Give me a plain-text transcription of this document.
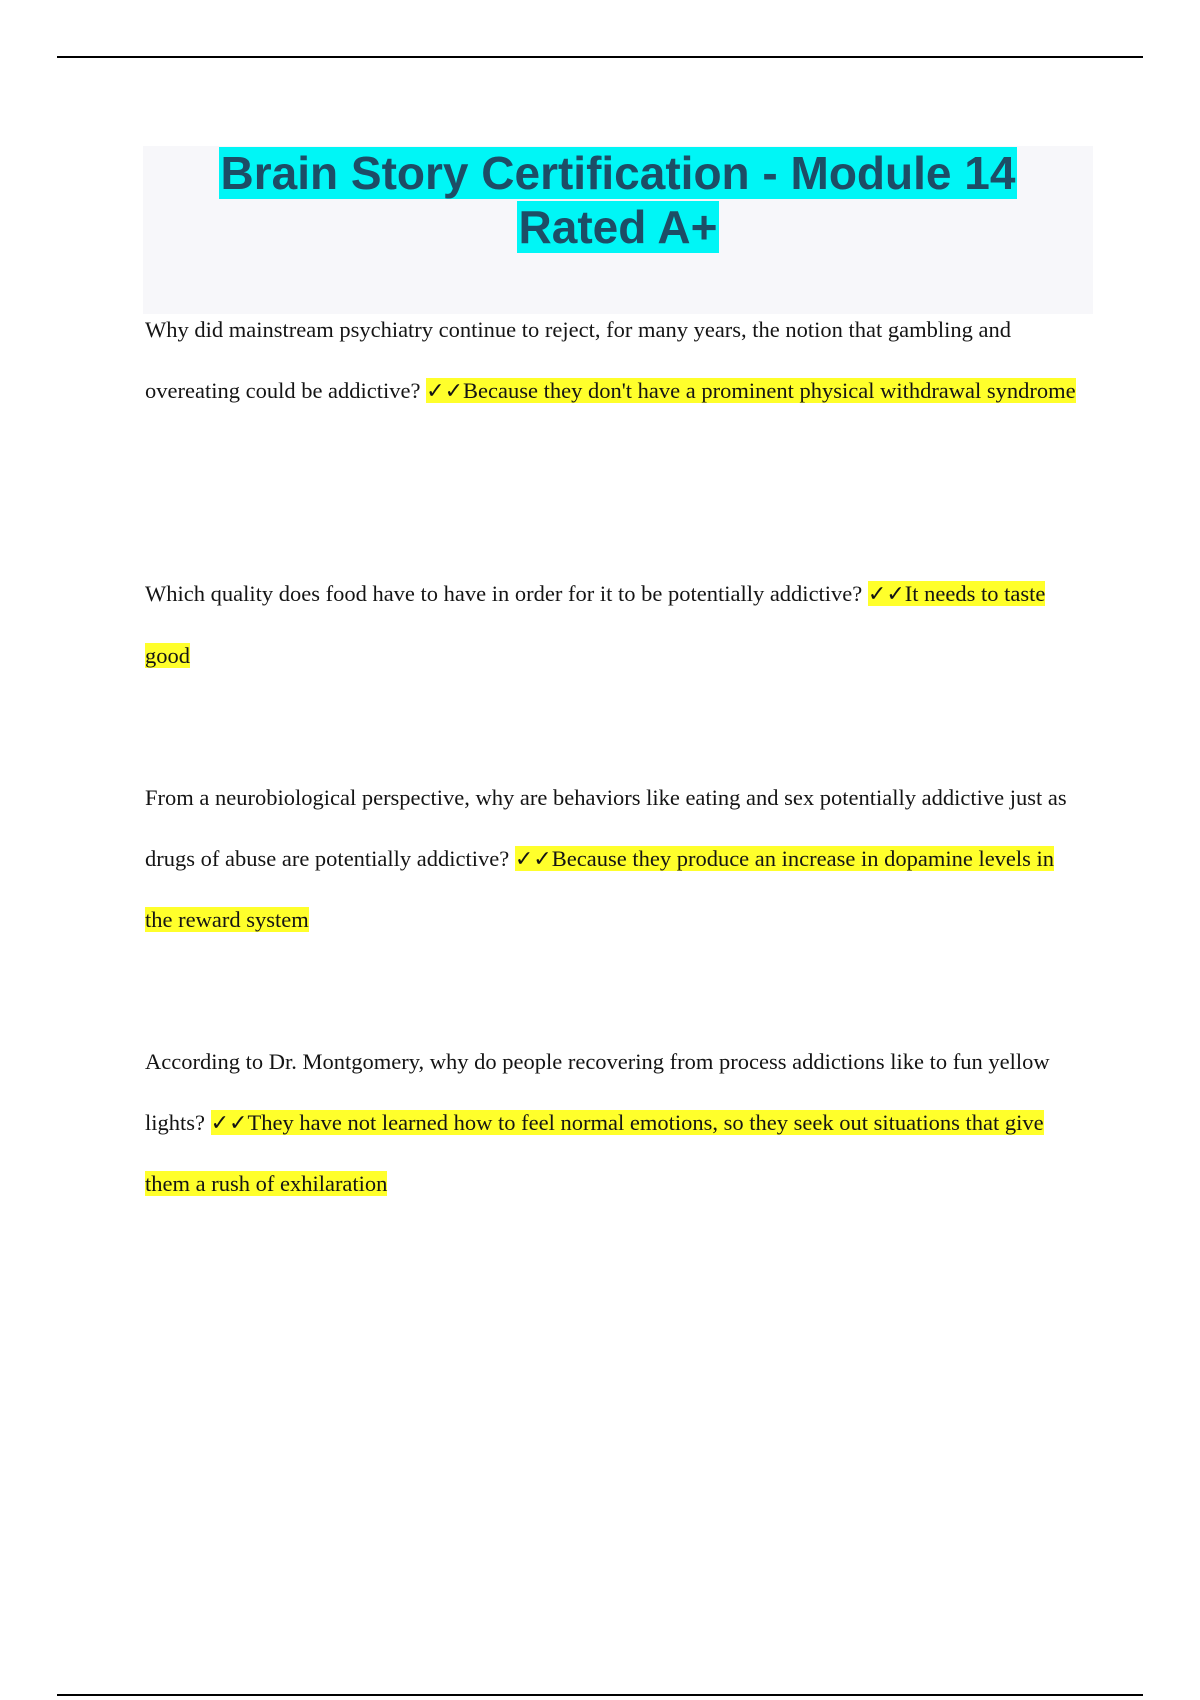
Brain Story Certification - Module 14
Rated A+

Why did mainstream psychiatry continue to reject, for many years, the notion that gambling and overeating could be addictive? ✓✓Because they don't have a prominent physical withdrawal syndrome

Which quality does food have to have in order for it to be potentially addictive? ✓✓It needs to taste good

From a neurobiological perspective, why are behaviors like eating and sex potentially addictive just as drugs of abuse are potentially addictive? ✓✓Because they produce an increase in dopamine levels in the reward system

According to Dr. Montgomery, why do people recovering from process addictions like to fun yellow lights? ✓✓They have not learned how to feel normal emotions, so they seek out situations that give them a rush of exhilaration
